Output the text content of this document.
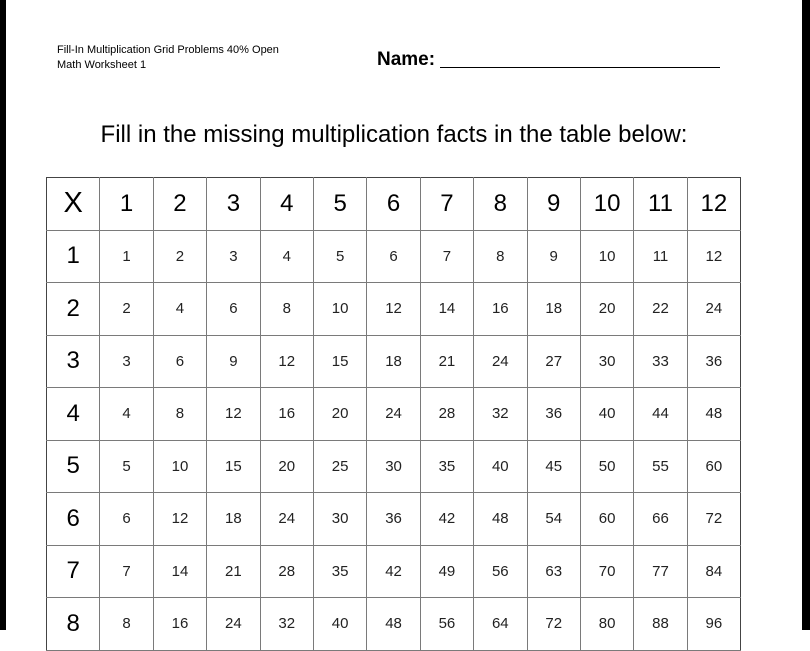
Fill-In Multiplication Grid Problems 40% Open
Math Worksheet 1	Name:
Fill in the missing multiplication facts in the table below:
X	1	2	3	4	5	6	7	8	9	10	11	12
1	1	2	3	4	5	6	7	8	9	10	11	12
2	2	4	6	8	10	12	14	16	18	20	22	24
3	3	6	9	12	15	18	21	24	27	30	33	36
4	4	8	12	16	20	24	28	32	36	40	44	48
5	5	10	15	20	25	30	35	40	45	50	55	60
6	6	12	18	24	30	36	42	48	54	60	66	72
7	7	14	21	28	35	42	49	56	63	70	77	84
8	8	16	24	32	40	48	56	64	72	80	88	96
